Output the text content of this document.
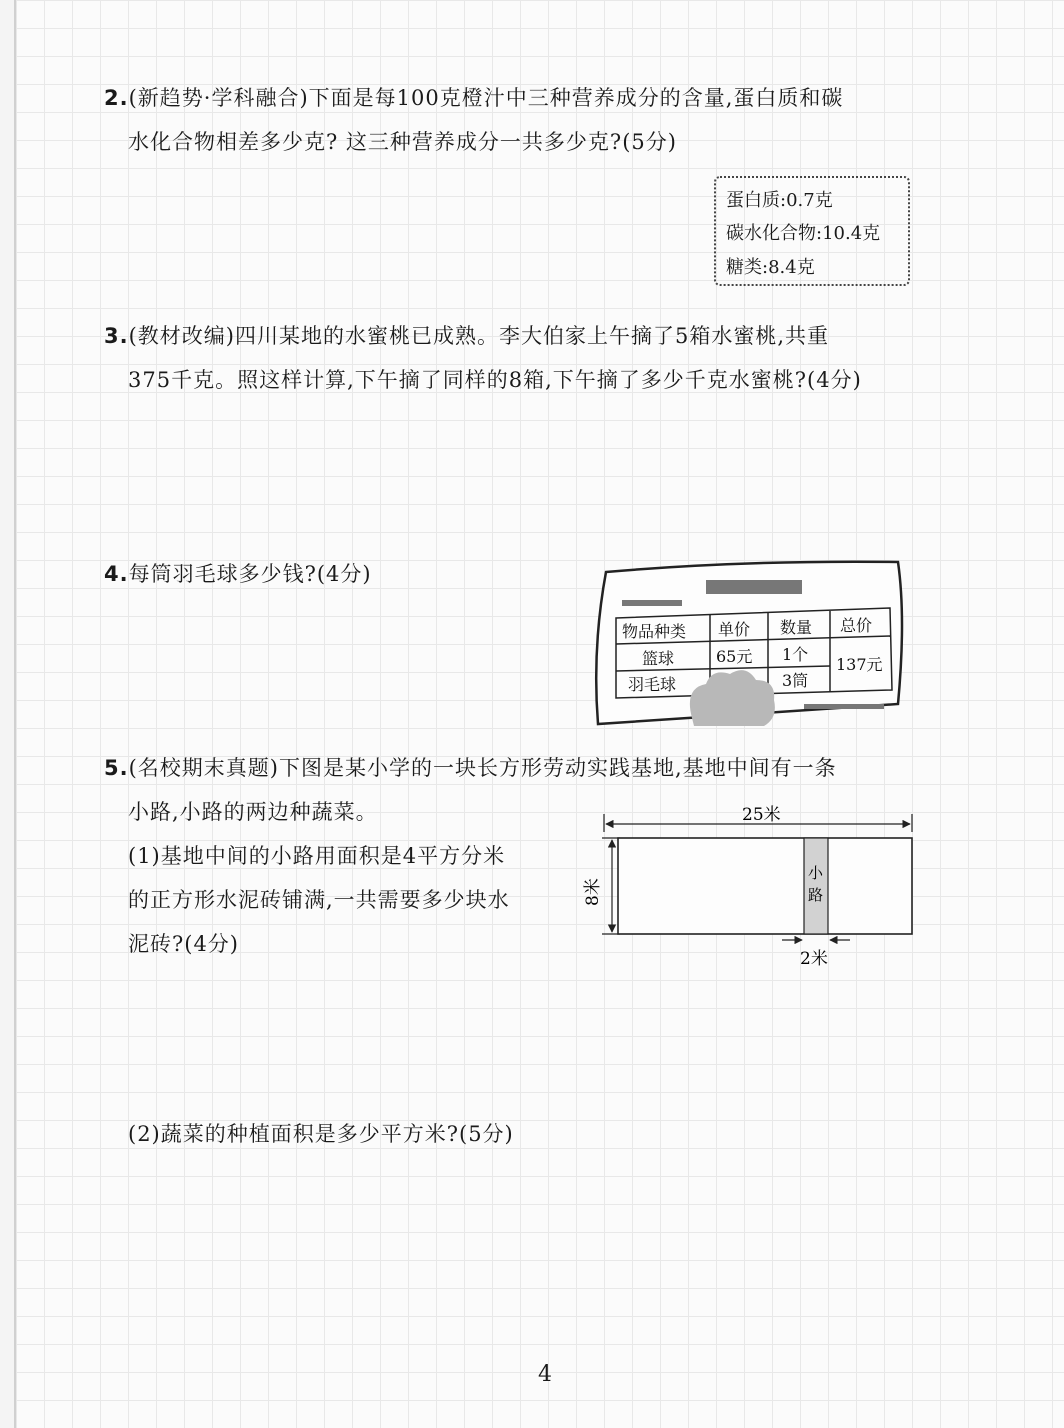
2.(新趋势·学科融合)下面是每100克橙汁中三种营养成分的含量,蛋白质和碳
水化合物相差多少克? 这三种营养成分一共多少克?(5分)
蛋白质:0.7克
碳水化合物:10.4克
糖类:8.4克
3.(教材改编)四川某地的水蜜桃已成熟。李大伯家上午摘了5箱水蜜桃,共重
375千克。照这样计算,下午摘了同样的8箱,下午摘了多少千克水蜜桃?(4分)
4.每筒羽毛球多少钱?(4分)
物品种类 单价 数量 总价
篮球	65元 1个
137元
羽毛球	3筒
5.(名校期末真题)下图是某小学的一块长方形劳动实践基地,基地中间有一条
小路,小路的两边种蔬菜。
(1)基地中间的小路用面积是4平方分米
的正方形水泥砖铺满,一共需要多少块水
泥砖?(4分)
25米
8米
小
路
2米
(2)蔬菜的种植面积是多少平方米?(5分)
4
